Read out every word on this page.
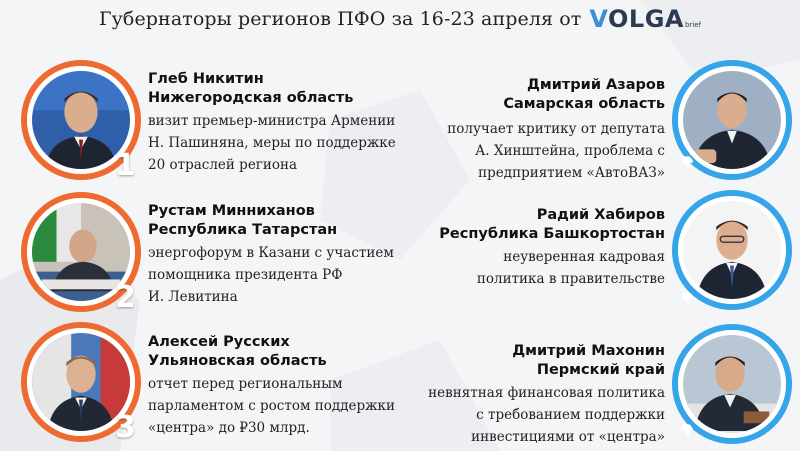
Губернаторы регионов ПФО за 16-23 апреля от VOLGA brief
1
Глеб Никитин
Нижегородская область
визит премьер-министра Армении
Н. Пашиняна, меры по поддержке
20 отраслей региона
2
Рустам Минниханов
Республика Татарстан
энергофорум в Казани с участием
помощника президента РФ
И. Левитина
3
Алексей Русских
Ульяновская область
отчет перед региональным
парламентом с ростом поддержки
«центра» до ₽30 млрд.
Дмитрий Азаров
Самарская область
получает критику от депутата
А. Хинштейна, проблема с
предприятием «АвтоВАЗ»
Радий Хабиров
Республика Башкортостан
неуверенная кадровая
политика в правительстве
Дмитрий Махонин
Пермский край
невнятная финансовая политика
с требованием поддержки
инвестициями от «центра»
